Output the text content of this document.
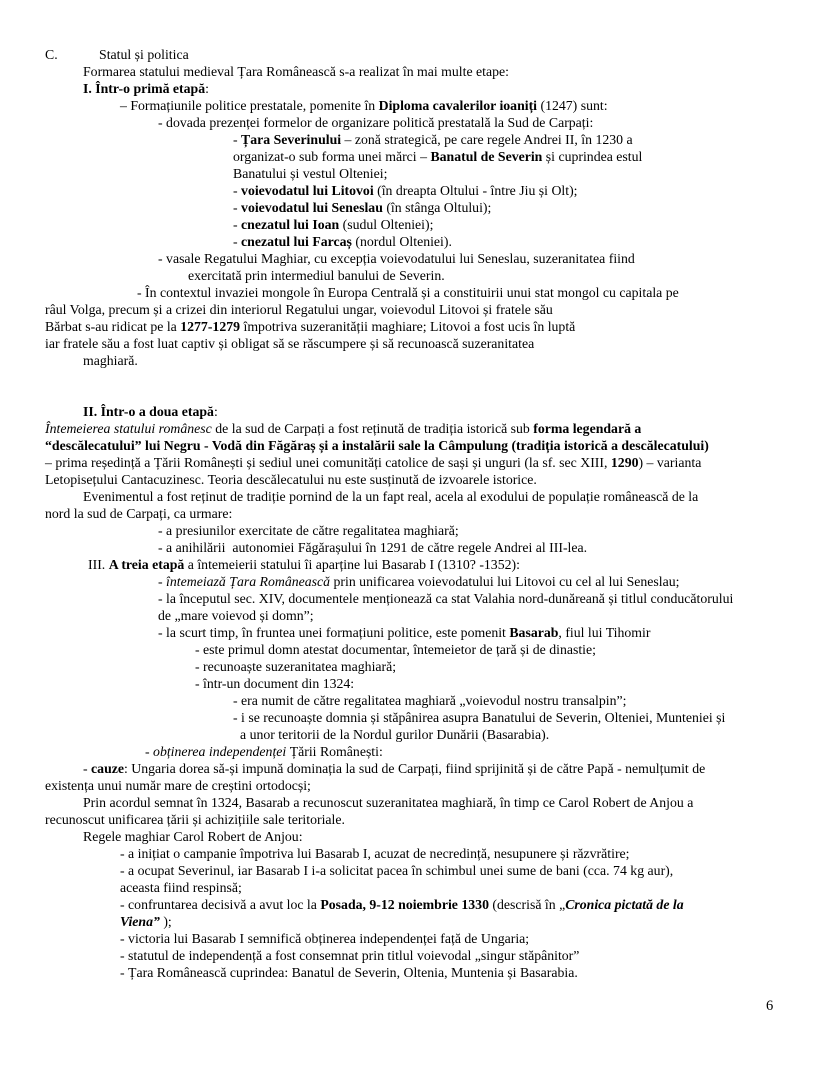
C.            Statul și politica
Formarea statului medieval Țara Românească s-a realizat în mai multe etape:
I. Într-o primă etapă:
– Formațiunile politice prestatale, pomenite în Diploma cavalerilor ioaniți (1247) sunt:
- dovada prezenței formelor de organizare politică prestatală la Sud de Carpați:
- Țara Severinului – zonă strategică, pe care regele Andrei II, în 1230 a
organizat-o sub forma unei mărci – Banatul de Severin și cuprindea estul
Banatului și vestul Olteniei;
- voievodatul lui Litovoi (în dreapta Oltului - între Jiu și Olt);
- voievodatul lui Seneslau (în stânga Oltului);
- cnezatul lui Ioan (sudul Olteniei);
- cnezatul lui Farcaș (nordul Olteniei).
- vasale Regatului Maghiar, cu excepția voievodatului lui Seneslau, suzeranitatea fiind
exercitată prin intermediul banului de Severin.
- În contextul invaziei mongole în Europa Centrală și a constituirii unui stat mongol cu capitala pe
râul Volga, precum și a crizei din interiorul Regatului ungar, voievodul Litovoi și fratele său
Bărbat s-au ridicat pe la 1277-1279 împotriva suzeranității maghiare; Litovoi a fost ucis în luptă
iar fratele său a fost luat captiv și obligat să se răscumpere și să recunoască suzeranitatea
maghiară.

II. Într-o a doua etapă:
Întemeierea statului românesc de la sud de Carpați a fost reținută de tradiția istorică sub forma legendară a
“descălecatului” lui Negru - Vodă din Făgăraș și a instalării sale la Câmpulung (tradiția istorică a descălecatului)
– prima reședință a Țării Românești și sediul unei comunități catolice de sași și unguri (la sf. sec XIII, 1290) – varianta
Letopisețului Cantacuzinesc. Teoria descălecatului nu este susținută de izvoarele istorice.
Evenimentul a fost reținut de tradiție pornind de la un fapt real, acela al exodului de populație românească de la
nord la sud de Carpați, ca urmare:
- a presiunilor exercitate de către regalitatea maghiară;
- a anihilării  autonomiei Făgărașului în 1291 de către regele Andrei al III-lea.
III. A treia etapă a întemeierii statului îi aparține lui Basarab I (1310? -1352):
- întemeiază Țara Românească prin unificarea voievodatului lui Litovoi cu cel al lui Seneslau;
- la începutul sec. XIV, documentele menționează ca stat Valahia nord-dunăreană și titlul conducătorului
de „mare voievod și domn”;
- la scurt timp, în fruntea unei formațiuni politice, este pomenit Basarab, fiul lui Tihomir
- este primul domn atestat documentar, întemeietor de țară și de dinastie;
- recunoaște suzeranitatea maghiară;
- într-un document din 1324:
- era numit de către regalitatea maghiară „voievodul nostru transalpin”;
- i se recunoaște domnia și stăpânirea asupra Banatului de Severin, Olteniei, Munteniei și
a unor teritorii de la Nordul gurilor Dunării (Basarabia).
- obținerea independenței Țării Românești:
- cauze: Ungaria dorea să-și impună dominația la sud de Carpați, fiind sprijinită și de către Papă - nemulțumit de
existența unui număr mare de creștini ortodocși;
Prin acordul semnat în 1324, Basarab a recunoscut suzeranitatea maghiară, în timp ce Carol Robert de Anjou a
recunoscut unificarea țării și achizițiile sale teritoriale.
Regele maghiar Carol Robert de Anjou:
- a inițiat o campanie împotriva lui Basarab I, acuzat de necredință, nesupunere și răzvrătire;
- a ocupat Severinul, iar Basarab I i-a solicitat pacea în schimbul unei sume de bani (cca. 74 kg aur),
aceasta fiind respinsă;
- confruntarea decisivă a avut loc la Posada, 9-12 noiembrie 1330 (descrisă în „Cronica pictată de la
Viena” );
- victoria lui Basarab I semnifică obținerea independenței față de Ungaria;
- statutul de independență a fost consemnat prin titlul voievodal „singur stăpânitor”
- Țara Românească cuprindea: Banatul de Severin, Oltenia, Muntenia și Basarabia.
6
